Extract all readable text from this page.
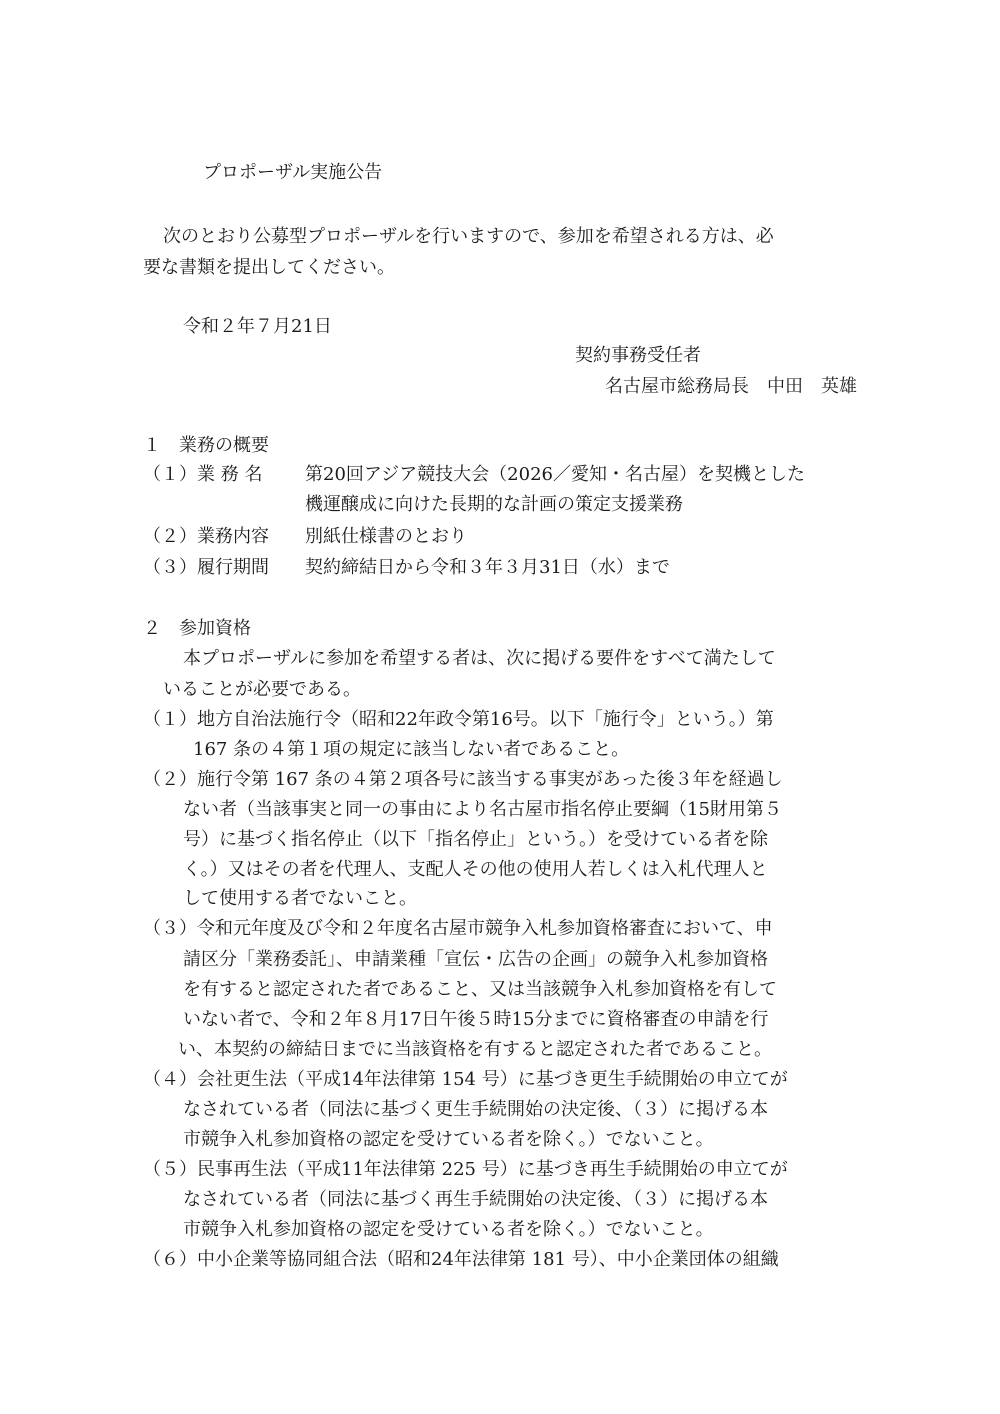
プロポーザル実施公告
次のとおり公募型プロポーザルを行いますので、参加を希望される方は、必
要な書類を提出してください。
令和２年７月21日
契約事務受任者
名古屋市総務局長　中田　英雄
１　業務の概要
（１）業 務 名 第20回アジア競技大会（2026／愛知・名古屋）を契機とした
機運醸成に向けた長期的な計画の策定支援業務
（２）業務内容 別紙仕様書のとおり
（３）履行期間 契約締結日から令和３年３月31日（水）まで
２　参加資格
本プロポーザルに参加を希望する者は、次に掲げる要件をすべて満たして
いることが必要である。
（１）地方自治法施行令（昭和22年政令第16号。以下「施行令」という。）第
167 条の４第１項の規定に該当しない者であること。
（２）施行令第 167 条の４第２項各号に該当する事実があった後３年を経過し
ない者（当該事実と同一の事由により名古屋市指名停止要綱（15財用第５
号）に基づく指名停止（以下「指名停止」という。）を受けている者を除
く。）又はその者を代理人、支配人その他の使用人若しくは入札代理人と
して使用する者でないこと。
（３）令和元年度及び令和２年度名古屋市競争入札参加資格審査において、申
請区分「業務委託」、申請業種「宣伝・広告の企画」の競争入札参加資格
を有すると認定された者であること、又は当該競争入札参加資格を有して
いない者で、令和２年８月17日午後５時15分までに資格審査の申請を行
い、本契約の締結日までに当該資格を有すると認定された者であること。
（４）会社更生法（平成14年法律第 154 号）に基づき更生手続開始の申立てが
なされている者（同法に基づく更生手続開始の決定後、（３）に掲げる本
市競争入札参加資格の認定を受けている者を除く。）でないこと。
（５）民事再生法（平成11年法律第 225 号）に基づき再生手続開始の申立てが
なされている者（同法に基づく再生手続開始の決定後、（３）に掲げる本
市競争入札参加資格の認定を受けている者を除く。）でないこと。
（６）中小企業等協同組合法（昭和24年法律第 181 号）、中小企業団体の組織
